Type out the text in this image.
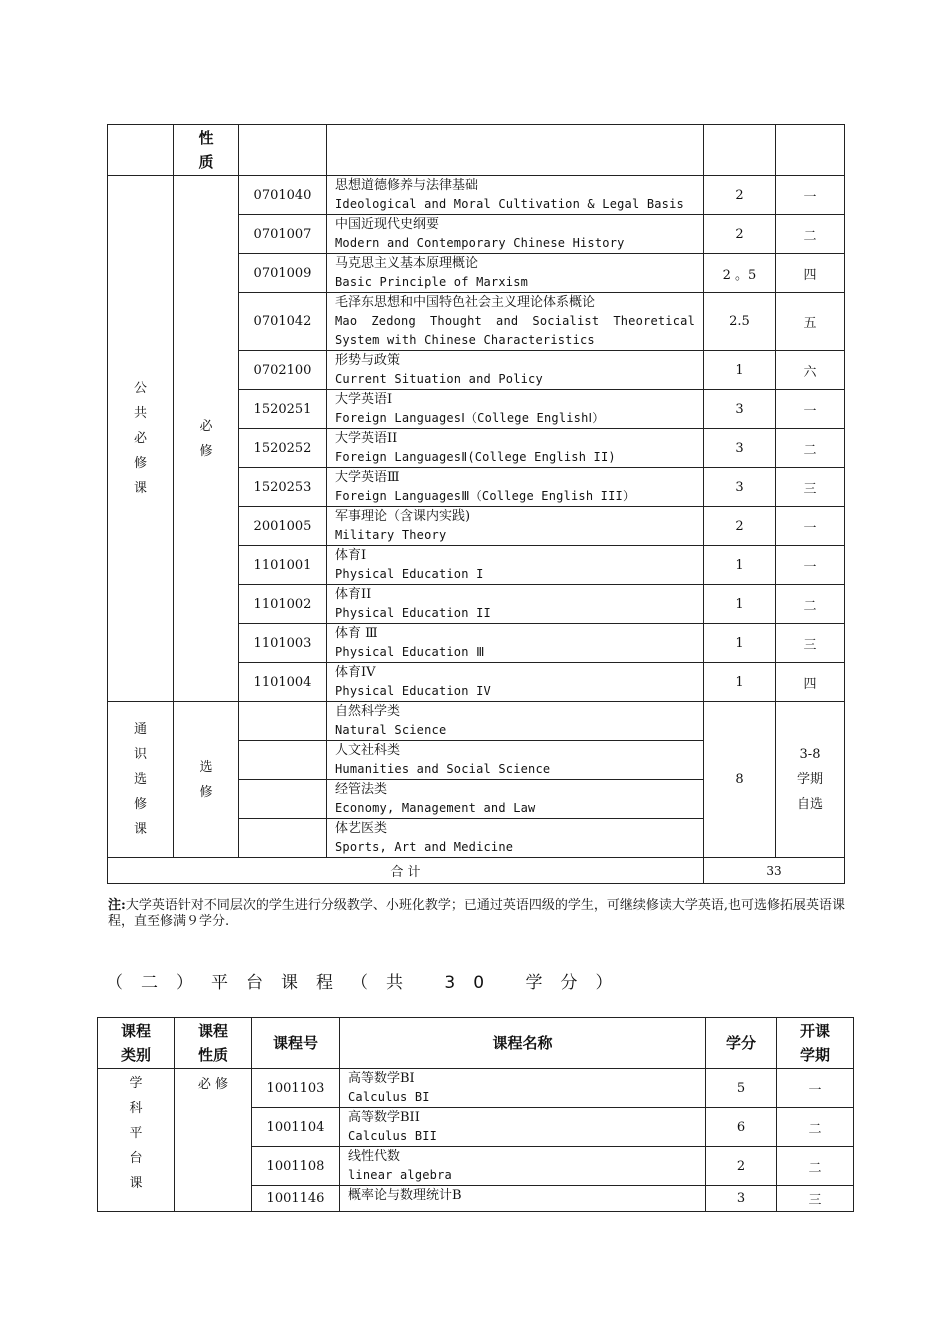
	性
质				
公
共
必
修
课	必
修	0701040	思想道德修养与法律基础
Ideological and Moral Cultivation & Legal Basis	2	一
		0701007	中国近现代史纲要
Modern and Contemporary Chinese History	2	二
		0701009	马克思主义基本原理概论
Basic Principle of Marxism	2 。5	四
		0701042	毛泽东思想和中国特色社会主义理论体系概论
Mao Zedong Thought and Socialist Theoretical System with Chinese Characteristics	2.5	五
		0702100	形势与政策
Current Situation and Policy	1	六
		1520251	大学英语Ⅰ
Foreign LanguagesⅠ（College EnglishⅠ）	3	一
		1520252	大学英语II
Foreign LanguagesⅡ(College English II)	3	二
		1520253	大学英语Ⅲ
Foreign LanguagesⅢ（College English III）	3	三
		2001005	军事理论（含课内实践)
Military Theory	2	一
		1101001	体育Ⅰ
Physical Education I	1	一
		1101002	体育II
Physical Education II	1	二
		1101003	体育 Ⅲ
Physical Education Ⅲ	1	三
		1101004	体育IV
Physical Education IV	1	四
通
识
选
修
课	选
修		自然科学类
Natural Science	8	3-8
学期
自选

			人文社科类
Humanities and Social Science		

			经管法类
Economy, Management and Law		

			体艺医类
Sports, Art and Medicine		

合 计				33	
注:大学英语针对不同层次的学生进行分级教学、小班化教学；已通过英语四级的学生，可继续修读大学英语,也可选修拓展英语课程，直至修满９学分.
（二）平台课程（共 30 学分）
课程
类别	课程
性质	课程号	课程名称	学分	开课
学期
学
科
平
台
课	必 修	1001103	高等数学BI
Calculus BI	5	一
		1001104	高等数学BII
Calculus BII	6	二
		1001108	线性代数
linear algebra	2	二
		1001146	概率论与数理统计B	3	三
